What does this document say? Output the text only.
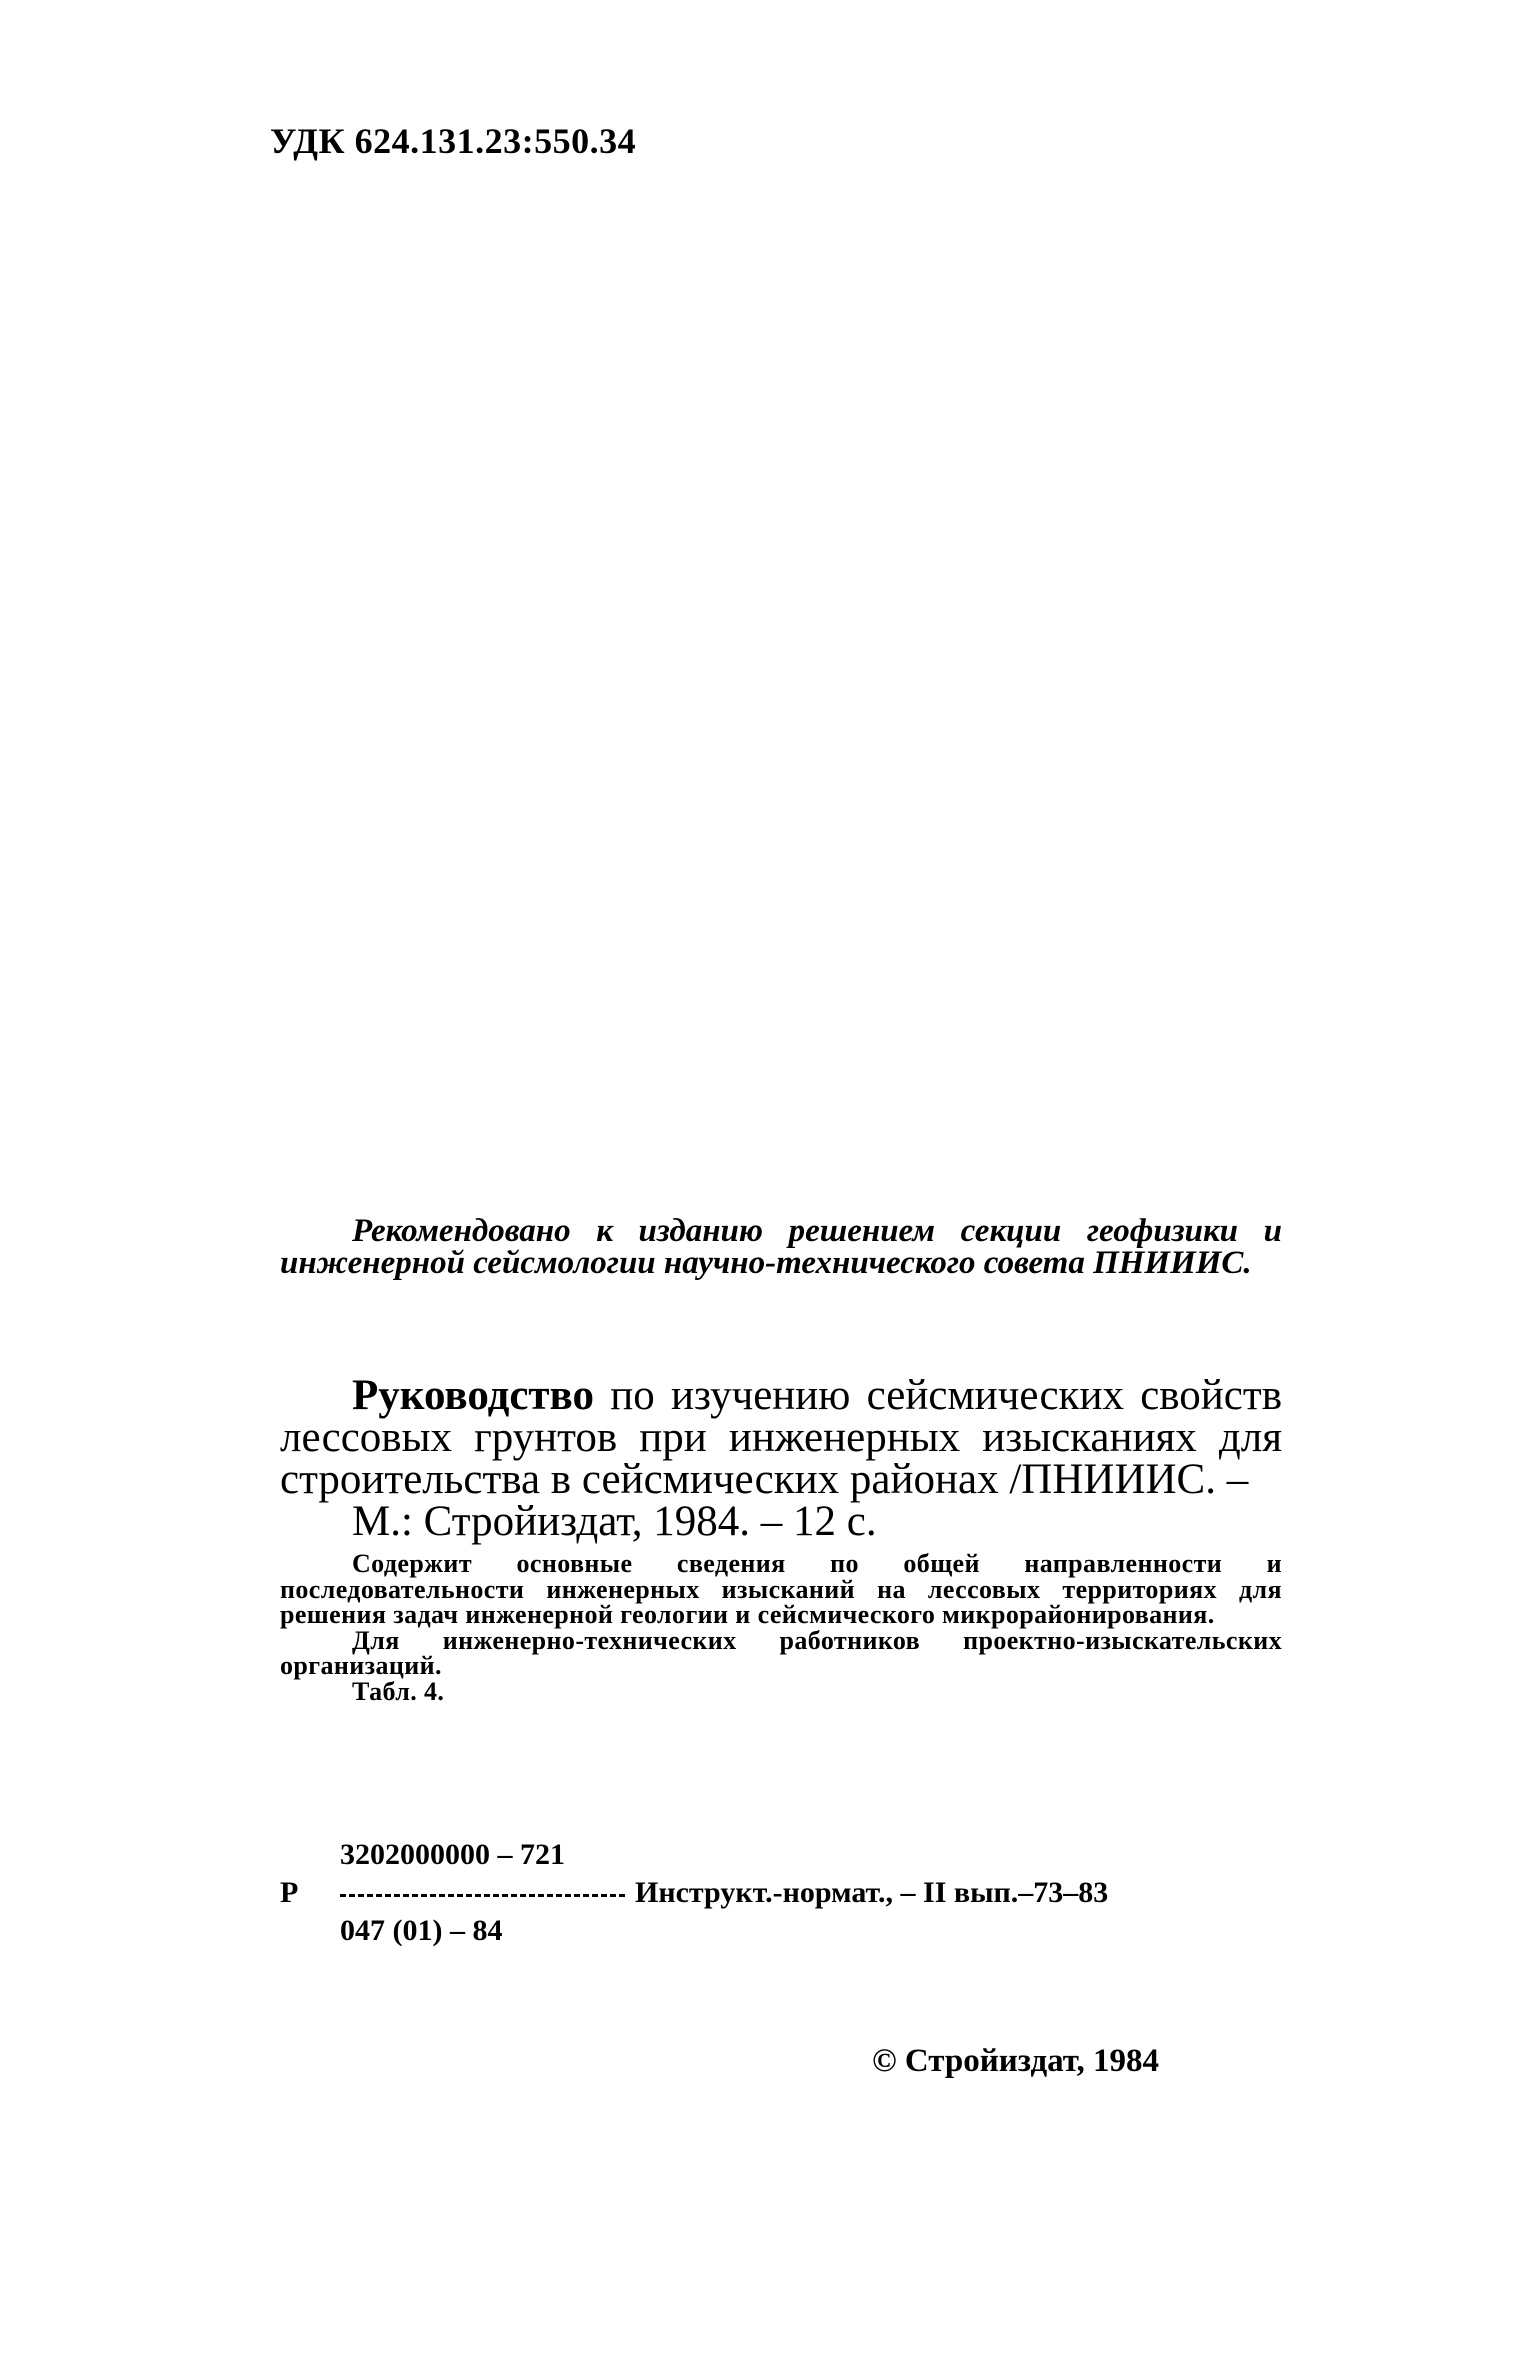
УДК 624.131.23:550.34
Рекомендовано к изданию решением секции геофизики и инженерной сейсмологии научно-технического совета ПНИИИС.
Руководство по изучению сейсмических свойств лессовых грунтов при инженерных изысканиях для строительства в сейсмических районах /ПНИИИС. –
М.: Стройиздат, 1984. – 12 с.

Содержит основные сведения по общей направленности и последовательности инженерных изысканий на лессовых территориях для решения задач инженерной геологии и сейсмического микрорайонирования.

Для инженерно-технических работников проектно-изыскательских организаций.

Табл. 4.

Р
3202000000 – 721
Инструкт.-нормат., – II вып.–73–83
047 (01) – 84
© Стройиздат, 1984
